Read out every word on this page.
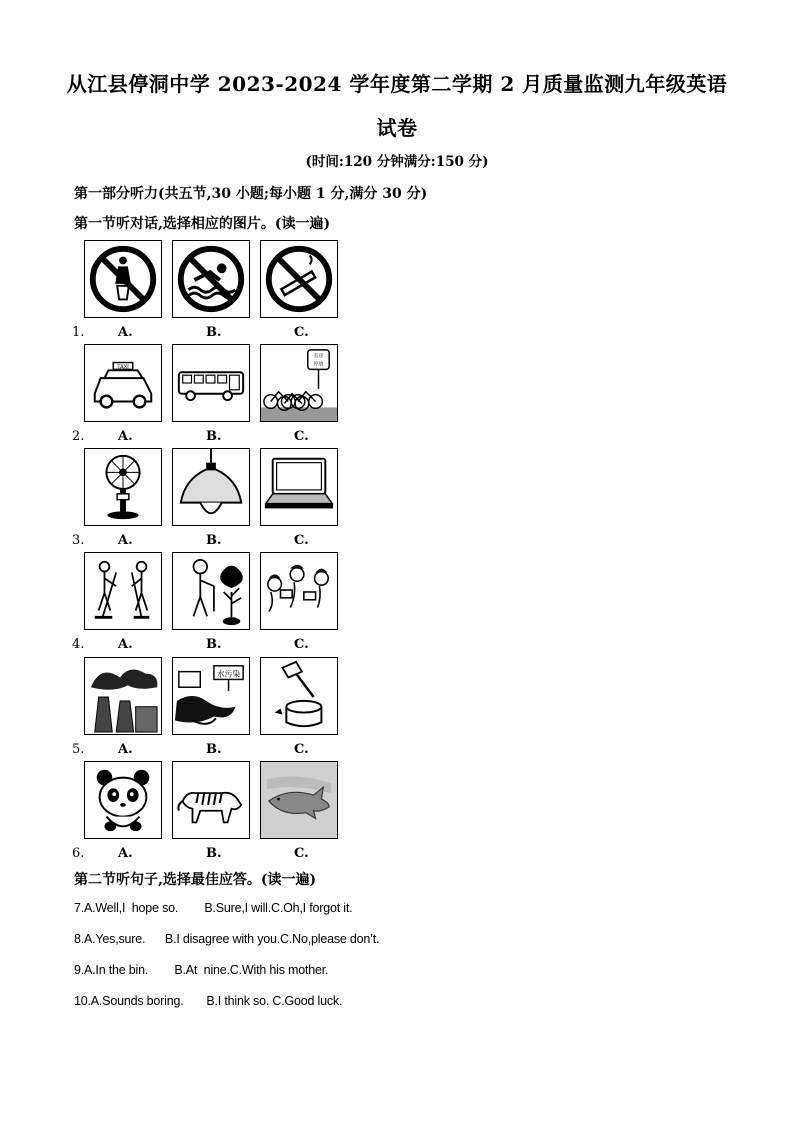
从江县停洞中学 2023-2024 学年度第二学期 2 月质量监测九年级英语
试卷
(时间:120 分钟满分:150 分)
第一部分听力(共五节,30 小题;每小题 1 分,满分 30 分)
第一节听对话,选择相应的图片。(读一遍)
1.	A.	B.	C.
2.
TAXI
A.	B.
有序
停放
C.
3.	A.	B.	C.
4.	A.	B.	C.
5.	A.
水污染
B.	C.
6.	A.	B.	C.
第二节听句子,选择最佳应答。(读一遍)
7.A.Well,I  hope so.        B.Sure,I will.C.Oh,I forgot it.
8.A.Yes,sure.      B.I disagree with you.C.No,please don’t.
9.A.In the bin.        B.At  nine.C.With his mother.
10.A.Sounds boring.       B.I think so. C.Good luck.
